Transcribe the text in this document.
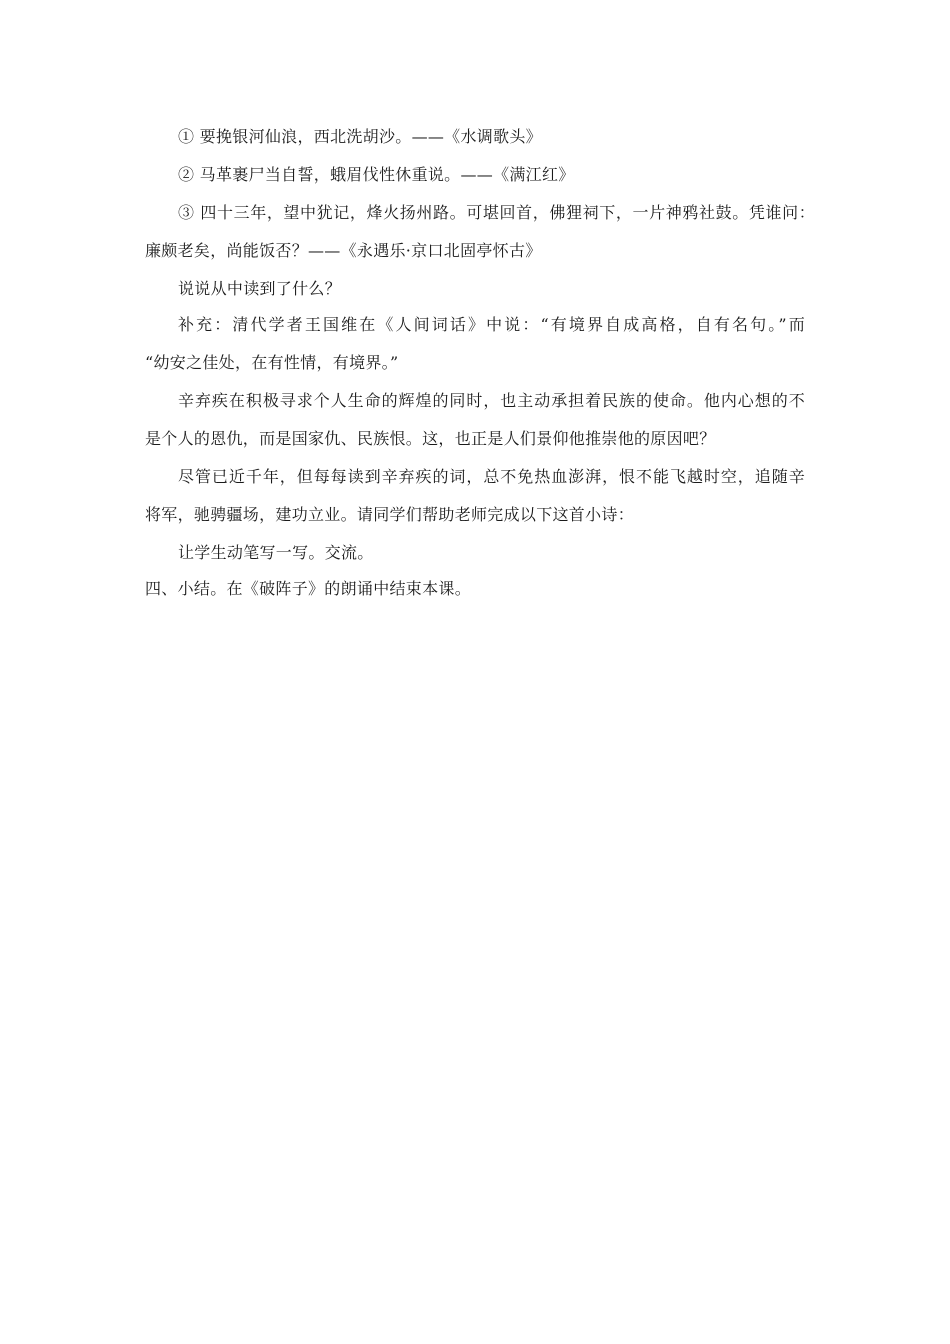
① 要挽银河仙浪，西北洗胡沙。——《水调歌头》
② 马革裹尸当自誓，蛾眉伐性休重说。——《满江红》
③ 四十三年，望中犹记，烽火扬州路。可堪回首，佛狸祠下，一片神鸦社鼓。凭谁问：
廉颇老矣，尚能饭否？——《永遇乐·京口北固亭怀古》
说说从中读到了什么？
补充：清代学者王国维在《人间词话》中说：“有境界自成高格，自有名句。”而
“幼安之佳处，在有性情，有境界。”
辛弃疾在积极寻求个人生命的辉煌的同时，也主动承担着民族的使命。他内心想的不
是个人的恩仇，而是国家仇、民族恨。这，也正是人们景仰他推崇他的原因吧？
尽管已近千年，但每每读到辛弃疾的词，总不免热血澎湃，恨不能飞越时空，追随辛
将军，驰骋疆场，建功立业。请同学们帮助老师完成以下这首小诗：
让学生动笔写一写。交流。
四、小结。在《破阵子》的朗诵中结束本课。
